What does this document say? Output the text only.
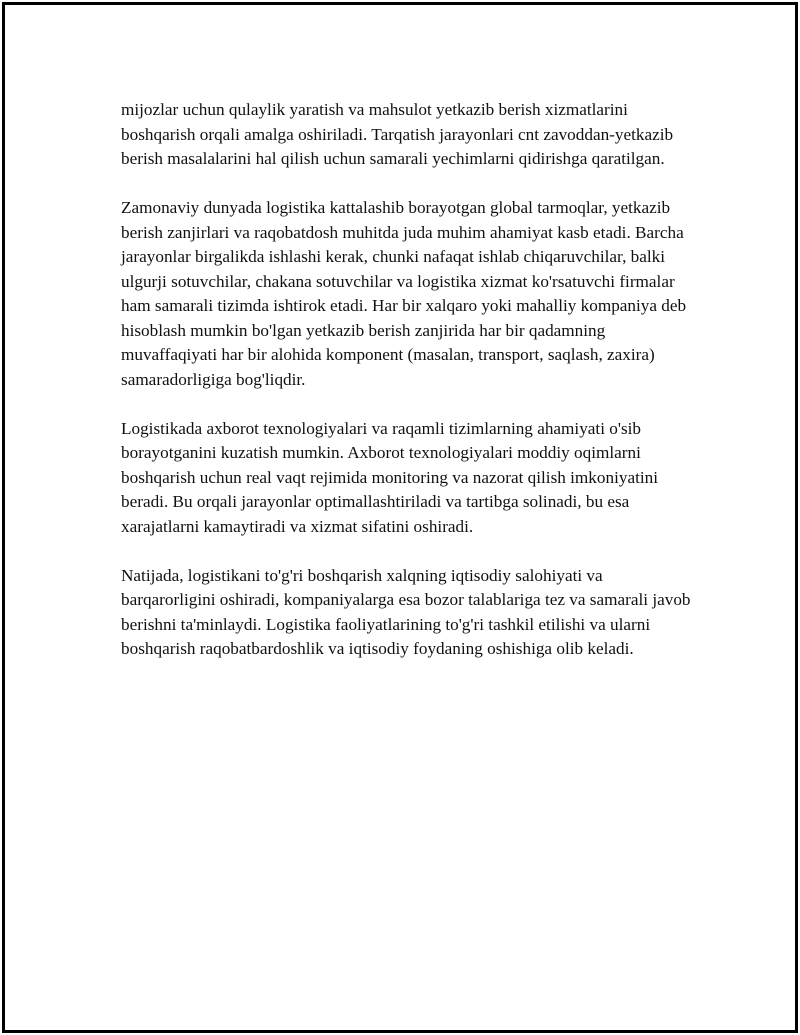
mijozlar uchun qulaylik yaratish va mahsulot yetkazib berish xizmatlarini boshqarish orqali amalga oshiriladi. Tarqatish jarayonlari cnt zavoddan-yetkazib berish masalalarini hal qilish uchun samarali yechimlarni qidirishga qaratilgan.

Zamonaviy dunyada logistika kattalashib borayotgan global tarmoqlar, yetkazib berish zanjirlari va raqobatdosh muhitda juda muhim ahamiyat kasb etadi. Barcha jarayonlar birgalikda ishlashi kerak, chunki nafaqat ishlab chiqaruvchilar, balki ulgurji sotuvchilar, chakana sotuvchilar va logistika xizmat ko'rsatuvchi firmalar ham samarali tizimda ishtirok etadi. Har bir xalqaro yoki mahalliy kompaniya deb hisoblash mumkin bo'lgan yetkazib berish zanjirida har bir qadamning muvaffaqiyati har bir alohida komponent (masalan, transport, saqlash, zaxira) samaradorligiga bog'liqdir.

Logistikada axborot texnologiyalari va raqamli tizimlarning ahamiyati o'sib borayotganini kuzatish mumkin. Axborot texnologiyalari moddiy oqimlarni boshqarish uchun real vaqt rejimida monitoring va nazorat qilish imkoniyatini beradi. Bu orqali jarayonlar optimallashtiriladi va tartibga solinadi, bu esa xarajatlarni kamaytiradi va xizmat sifatini oshiradi.

Natijada, logistikani to'g'ri boshqarish xalqning iqtisodiy salohiyati va barqarorligini oshiradi, kompaniyalarga esa bozor talablariga tez va samarali javob berishni ta'minlaydi. Logistika faoliyatlarining to'g'ri tashkil etilishi va ularni boshqarish raqobatbardoshlik va iqtisodiy foydaning oshishiga olib keladi.
